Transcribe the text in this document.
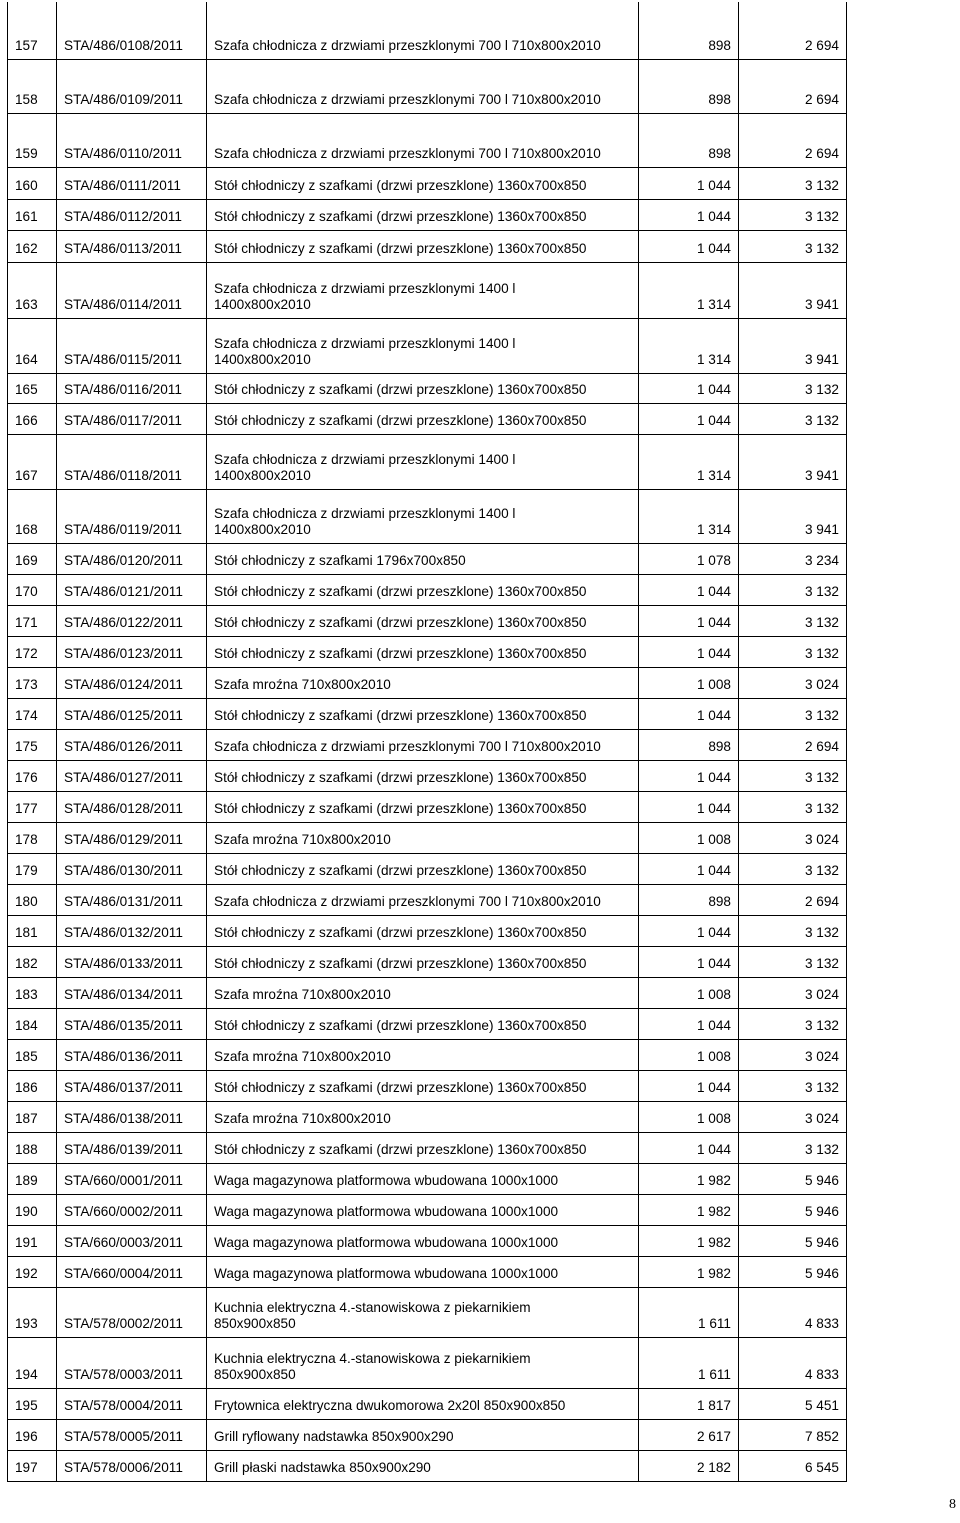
157	STA/486/0108/2011	Szafa chłodnicza z drzwiami przeszklonymi 700 l 710x800x2010	898	2 694
158	STA/486/0109/2011	Szafa chłodnicza z drzwiami przeszklonymi 700 l 710x800x2010	898	2 694
159	STA/486/0110/2011	Szafa chłodnicza z drzwiami przeszklonymi 700 l 710x800x2010	898	2 694
160	STA/486/0111/2011	Stół chłodniczy z szafkami (drzwi przeszklone) 1360x700x850	1 044	3 132
161	STA/486/0112/2011	Stół chłodniczy z szafkami (drzwi przeszklone) 1360x700x850	1 044	3 132
162	STA/486/0113/2011	Stół chłodniczy z szafkami (drzwi przeszklone) 1360x700x850	1 044	3 132
163	STA/486/0114/2011	Szafa chłodnicza z drzwiami przeszklonymi 1400 l
1400x800x2010	1 314	3 941
164	STA/486/0115/2011	Szafa chłodnicza z drzwiami przeszklonymi 1400 l
1400x800x2010	1 314	3 941
165	STA/486/0116/2011	Stół chłodniczy z szafkami (drzwi przeszklone) 1360x700x850	1 044	3 132
166	STA/486/0117/2011	Stół chłodniczy z szafkami (drzwi przeszklone) 1360x700x850	1 044	3 132
167	STA/486/0118/2011	Szafa chłodnicza z drzwiami przeszklonymi 1400 l
1400x800x2010	1 314	3 941
168	STA/486/0119/2011	Szafa chłodnicza z drzwiami przeszklonymi 1400 l
1400x800x2010	1 314	3 941
169	STA/486/0120/2011	Stół chłodniczy z szafkami 1796x700x850	1 078	3 234
170	STA/486/0121/2011	Stół chłodniczy z szafkami (drzwi przeszklone) 1360x700x850	1 044	3 132
171	STA/486/0122/2011	Stół chłodniczy z szafkami (drzwi przeszklone) 1360x700x850	1 044	3 132
172	STA/486/0123/2011	Stół chłodniczy z szafkami (drzwi przeszklone) 1360x700x850	1 044	3 132
173	STA/486/0124/2011	Szafa mroźna 710x800x2010	1 008	3 024
174	STA/486/0125/2011	Stół chłodniczy z szafkami (drzwi przeszklone) 1360x700x850	1 044	3 132
175	STA/486/0126/2011	Szafa chłodnicza z drzwiami przeszklonymi 700 l 710x800x2010	898	2 694
176	STA/486/0127/2011	Stół chłodniczy z szafkami (drzwi przeszklone) 1360x700x850	1 044	3 132
177	STA/486/0128/2011	Stół chłodniczy z szafkami (drzwi przeszklone) 1360x700x850	1 044	3 132
178	STA/486/0129/2011	Szafa mroźna 710x800x2010	1 008	3 024
179	STA/486/0130/2011	Stół chłodniczy z szafkami (drzwi przeszklone) 1360x700x850	1 044	3 132
180	STA/486/0131/2011	Szafa chłodnicza z drzwiami przeszklonymi 700 l 710x800x2010	898	2 694
181	STA/486/0132/2011	Stół chłodniczy z szafkami (drzwi przeszklone) 1360x700x850	1 044	3 132
182	STA/486/0133/2011	Stół chłodniczy z szafkami (drzwi przeszklone) 1360x700x850	1 044	3 132
183	STA/486/0134/2011	Szafa mroźna 710x800x2010	1 008	3 024
184	STA/486/0135/2011	Stół chłodniczy z szafkami (drzwi przeszklone) 1360x700x850	1 044	3 132
185	STA/486/0136/2011	Szafa mroźna 710x800x2010	1 008	3 024
186	STA/486/0137/2011	Stół chłodniczy z szafkami (drzwi przeszklone) 1360x700x850	1 044	3 132
187	STA/486/0138/2011	Szafa mroźna 710x800x2010	1 008	3 024
188	STA/486/0139/2011	Stół chłodniczy z szafkami (drzwi przeszklone) 1360x700x850	1 044	3 132
189	STA/660/0001/2011	Waga magazynowa platformowa wbudowana 1000x1000	1 982	5 946
190	STA/660/0002/2011	Waga magazynowa platformowa wbudowana 1000x1000	1 982	5 946
191	STA/660/0003/2011	Waga magazynowa platformowa wbudowana 1000x1000	1 982	5 946
192	STA/660/0004/2011	Waga magazynowa platformowa wbudowana 1000x1000	1 982	5 946
193	STA/578/0002/2011	Kuchnia elektryczna 4.-stanowiskowa z piekarnikiem
850x900x850	1 611	4 833
194	STA/578/0003/2011	Kuchnia elektryczna 4.-stanowiskowa z piekarnikiem
850x900x850	1 611	4 833
195	STA/578/0004/2011	Frytownica elektryczna dwukomorowa 2x20l 850x900x850	1 817	5 451
196	STA/578/0005/2011	Grill ryflowany nadstawka 850x900x290	2 617	7 852
197	STA/578/0006/2011	Grill płaski nadstawka 850x900x290	2 182	6 545
8
